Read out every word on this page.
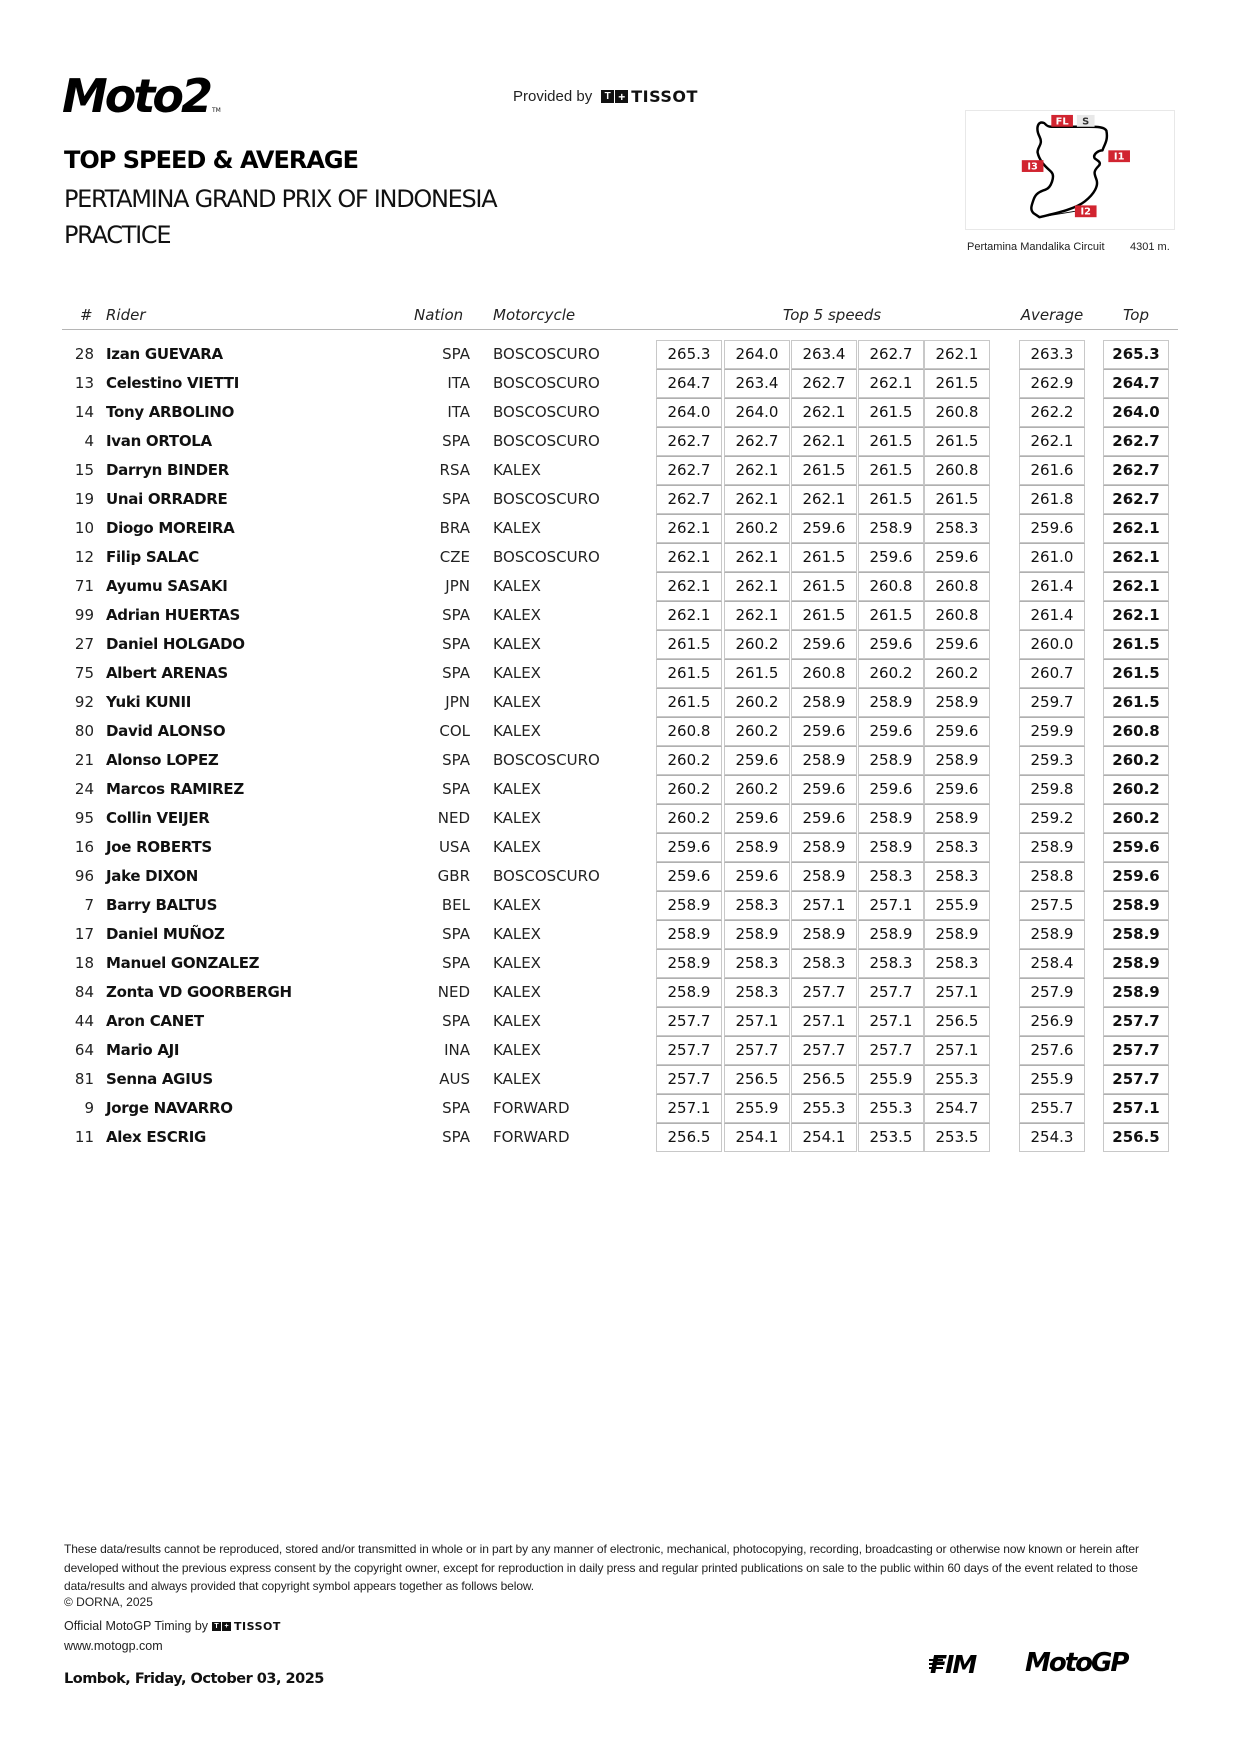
Moto2 TM
Provided by	T + TISSOT
TOP SPEED & AVERAGE
PERTAMINA GRAND PRIX OF INDONESIA
PRACTICE
FL S
I1
I2
I3
Pertamina Mandalika Circuit 4301 m.
# Rider	Nation Motorcycle	Top 5 speeds	Average	Top
28 Izan GUEVARA	SPA BOSCOSCURO	265.3	264.0	263.4	262.7	262.1	263.3	265.3
13 Celestino VIETTI	ITA BOSCOSCURO	264.7	263.4	262.7	262.1	261.5	262.9	264.7
14 Tony ARBOLINO	ITA BOSCOSCURO	264.0	264.0	262.1	261.5	260.8	262.2	264.0
4 Ivan ORTOLA	SPA BOSCOSCURO	262.7	262.7	262.1	261.5	261.5	262.1	262.7
15 Darryn BINDER	RSA KALEX	262.7	262.1	261.5	261.5	260.8	261.6	262.7
19 Unai ORRADRE	SPA BOSCOSCURO	262.7	262.1	262.1	261.5	261.5	261.8	262.7
10 Diogo MOREIRA	BRA KALEX	262.1	260.2	259.6	258.9	258.3	259.6	262.1
12 Filip SALAC	CZE BOSCOSCURO	262.1	262.1	261.5	259.6	259.6	261.0	262.1
71 Ayumu SASAKI	JPN KALEX	262.1	262.1	261.5	260.8	260.8	261.4	262.1
99 Adrian HUERTAS	SPA KALEX	262.1	262.1	261.5	261.5	260.8	261.4	262.1
27 Daniel HOLGADO	SPA KALEX	261.5	260.2	259.6	259.6	259.6	260.0	261.5
75 Albert ARENAS	SPA KALEX	261.5	261.5	260.8	260.2	260.2	260.7	261.5
92 Yuki KUNII	JPN KALEX	261.5	260.2	258.9	258.9	258.9	259.7	261.5
80 David ALONSO	COL KALEX	260.8	260.2	259.6	259.6	259.6	259.9	260.8
21 Alonso LOPEZ	SPA BOSCOSCURO	260.2	259.6	258.9	258.9	258.9	259.3	260.2
24 Marcos RAMIREZ	SPA KALEX	260.2	260.2	259.6	259.6	259.6	259.8	260.2
95 Collin VEIJER	NED KALEX	260.2	259.6	259.6	258.9	258.9	259.2	260.2
16 Joe ROBERTS	USA KALEX	259.6	258.9	258.9	258.9	258.3	258.9	259.6
96 Jake DIXON	GBR BOSCOSCURO	259.6	259.6	258.9	258.3	258.3	258.8	259.6
7 Barry BALTUS	BEL KALEX	258.9	258.3	257.1	257.1	255.9	257.5	258.9
17 Daniel MUÑOZ	SPA KALEX	258.9	258.9	258.9	258.9	258.9	258.9	258.9
18 Manuel GONZALEZ	SPA KALEX	258.9	258.3	258.3	258.3	258.3	258.4	258.9
84 Zonta VD GOORBERGH	NED KALEX	258.9	258.3	257.7	257.7	257.1	257.9	258.9
44 Aron CANET	SPA KALEX	257.7	257.1	257.1	257.1	256.5	256.9	257.7
64 Mario AJI	INA KALEX	257.7	257.7	257.7	257.7	257.1	257.6	257.7
81 Senna AGIUS	AUS KALEX	257.7	256.5	256.5	255.9	255.3	255.9	257.7
9 Jorge NAVARRO	SPA FORWARD	257.1	255.9	255.3	255.3	254.7	255.7	257.1
11 Alex ESCRIG	SPA FORWARD	256.5	254.1	254.1	253.5	253.5	254.3	256.5
These data/results cannot be reproduced, stored and/or transmitted in whole or in part by any manner of electronic, mechanical, photocopying, recording, broadcasting or otherwise now known or herein after developed without the previous express consent by the copyright owner, except for reproduction in daily press and regular printed publications on sale to the public within 60 days of the event related to those data/results and always provided that copyright symbol appears together as follows below.
© DORNA, 2025
Official MotoGP Timing by T + TISSOT
www.motogp.com
Lombok, Friday, October 03, 2025	FIM MotoGP
